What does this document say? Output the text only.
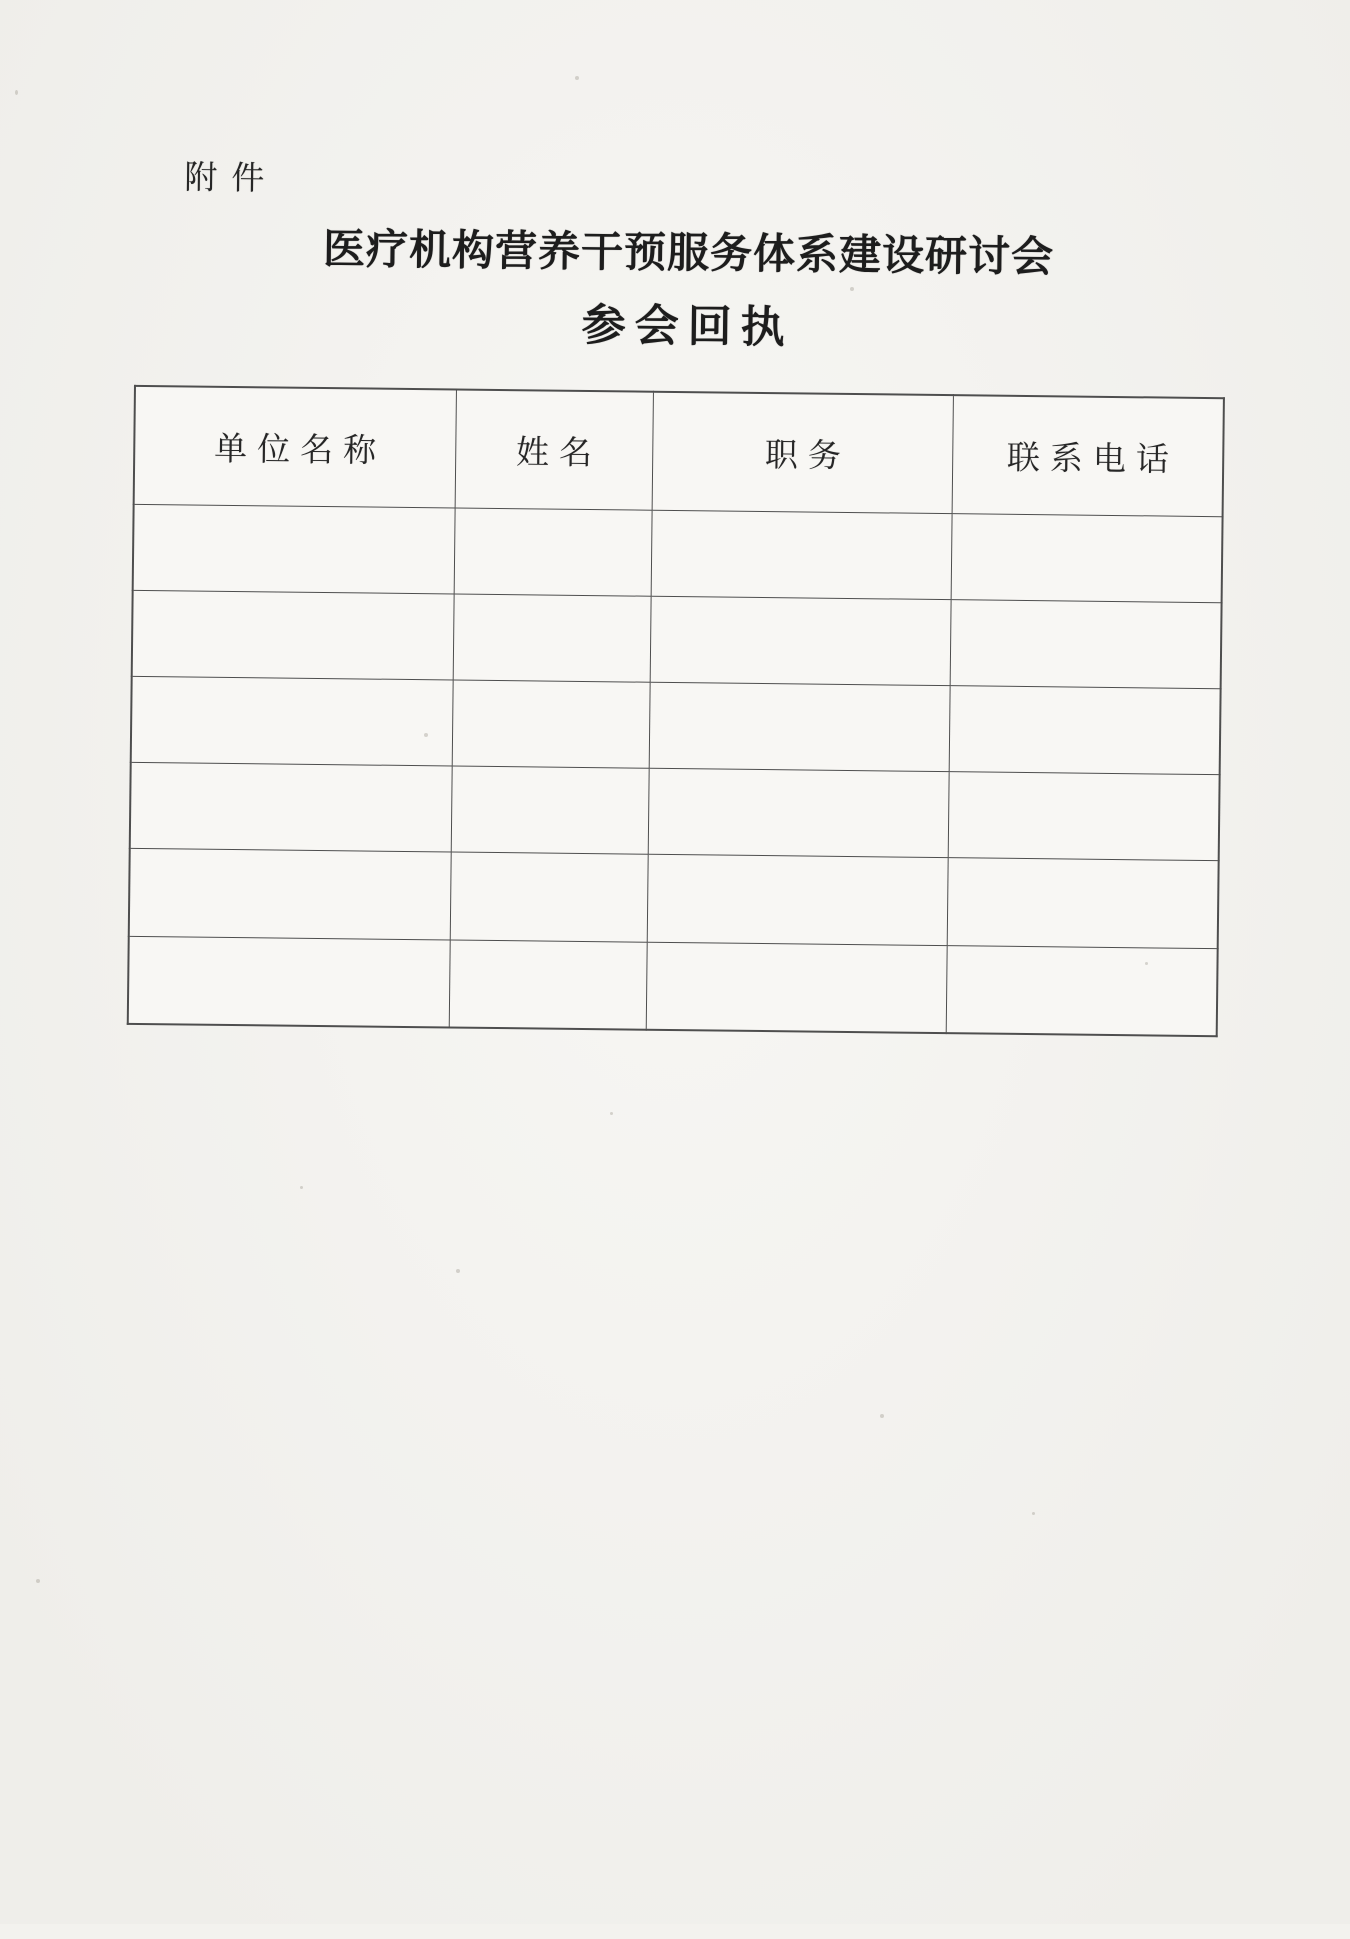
附件
医疗机构营养干预服务体系建设研讨会
参会回执
单位名称	姓名	职务	联系电话
